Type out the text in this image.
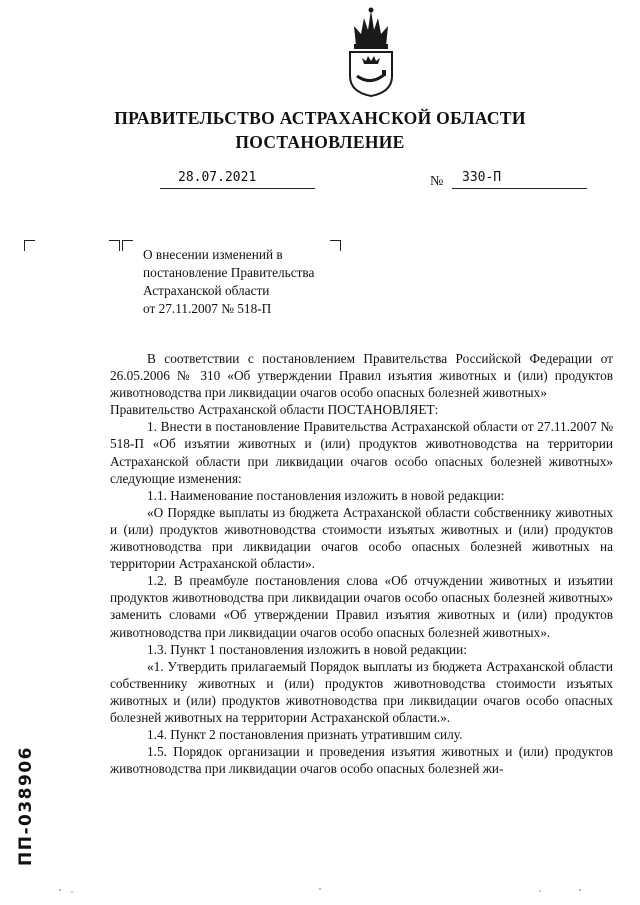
ПРАВИТЕЛЬСТВО АСТРАХАНСКОЙ ОБЛАСТИ
ПОСТАНОВЛЕНИЕ
28.07.2021	№ 330-П
О внесении изменений в
постановление Правительства
Астраханской области
от 27.11.2007 № 518-П

В соответствии с постановлением Правительства Российской Федерации от 26.05.2006 № 310 «Об утверждении Правил изъятия животных и (или) продуктов животноводства при ликвидации очагов особо опасных болезней животных»

Правительство Астраханской области ПОСТАНОВЛЯЕТ:

1. Внести в постановление Правительства Астраханской области от 27.11.2007 № 518-П «Об изъятии животных и (или) продуктов животноводства на территории Астраханской области при ликвидации очагов особо опасных болезней животных» следующие изменения:

1.1. Наименование постановления изложить в новой редакции:

«О Порядке выплаты из бюджета Астраханской области собственнику животных и (или) продуктов животноводства стоимости изъятых животных и (или) продуктов животноводства при ликвидации очагов особо опасных болезней животных на территории Астраханской области».

1.2. В преамбуле постановления слова «Об отчуждении животных и изъятии продуктов животноводства при ликвидации очагов особо опасных болезней животных» заменить словами «Об утверждении Правил изъятия животных и (или) продуктов животноводства при ликвидации очагов особо опасных болезней животных».

1.3. Пункт 1 постановления изложить в новой редакции:

«1. Утвердить прилагаемый Порядок выплаты из бюджета Астраханской области собственнику животных и (или) продуктов животноводства стоимости изъятых животных и (или) продуктов животноводства при ликвидации очагов особо опасных болезней животных на территории Астраханской области.».

1.4. Пункт 2 постановления признать утратившим силу.

1.5. Порядок организации и проведения изъятия животных и (или) продуктов животноводства при ликвидации очагов особо опасных болезней жи-

ПП-038906
